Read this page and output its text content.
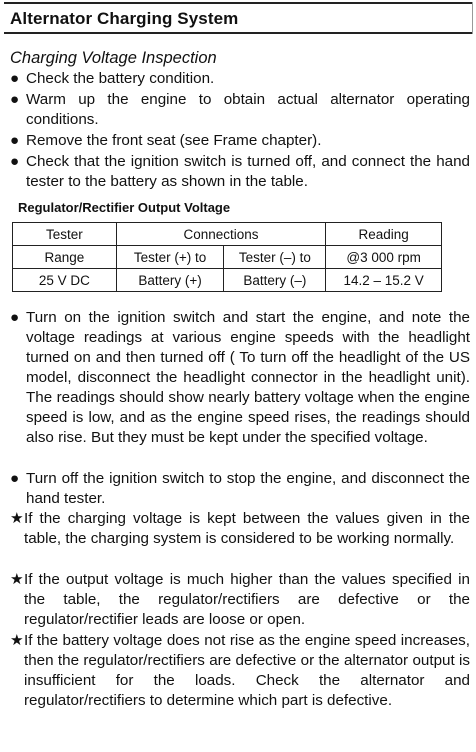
Alternator Charging System
Charging Voltage Inspection
● Check the battery condition.
● Warm up the engine to obtain actual alternator operating conditions.
● Remove the front seat (see Frame chapter).
● Check that the ignition switch is turned off, and connect the hand tester to the battery as shown in the table.
Regulator/Rectifier Output Voltage
Tester	Connections		Reading
Range	Tester (+) to	Tester (–) to	@3 000 rpm
25 V DC	Battery (+)	Battery (–)	14.2 – 15.2 V
● Turn on the ignition switch and start the engine, and note the voltage readings at various engine speeds with the headlight turned on and then turned off ( To turn off the headlight of the US model, disconnect the headlight connector in the headlight unit). The readings should show nearly battery voltage when the engine speed is low, and as the engine speed rises, the readings should also rise. But they must be kept under the specified voltage.
● Turn off the ignition switch to stop the engine, and disconnect the hand tester.
★ If the charging voltage is kept between the values given in the table, the charging system is considered to be working normally.
★ If the output voltage is much higher than the values specified in the table, the regulator/rectifiers are defective or the regulator/rectifier leads are loose or open.
★ If the battery voltage does not rise as the engine speed increases, then the regulator/rectifiers are defective or the alternator output is insufficient for the loads. Check the alternator and regulator/rectifiers to determine which part is defective.
